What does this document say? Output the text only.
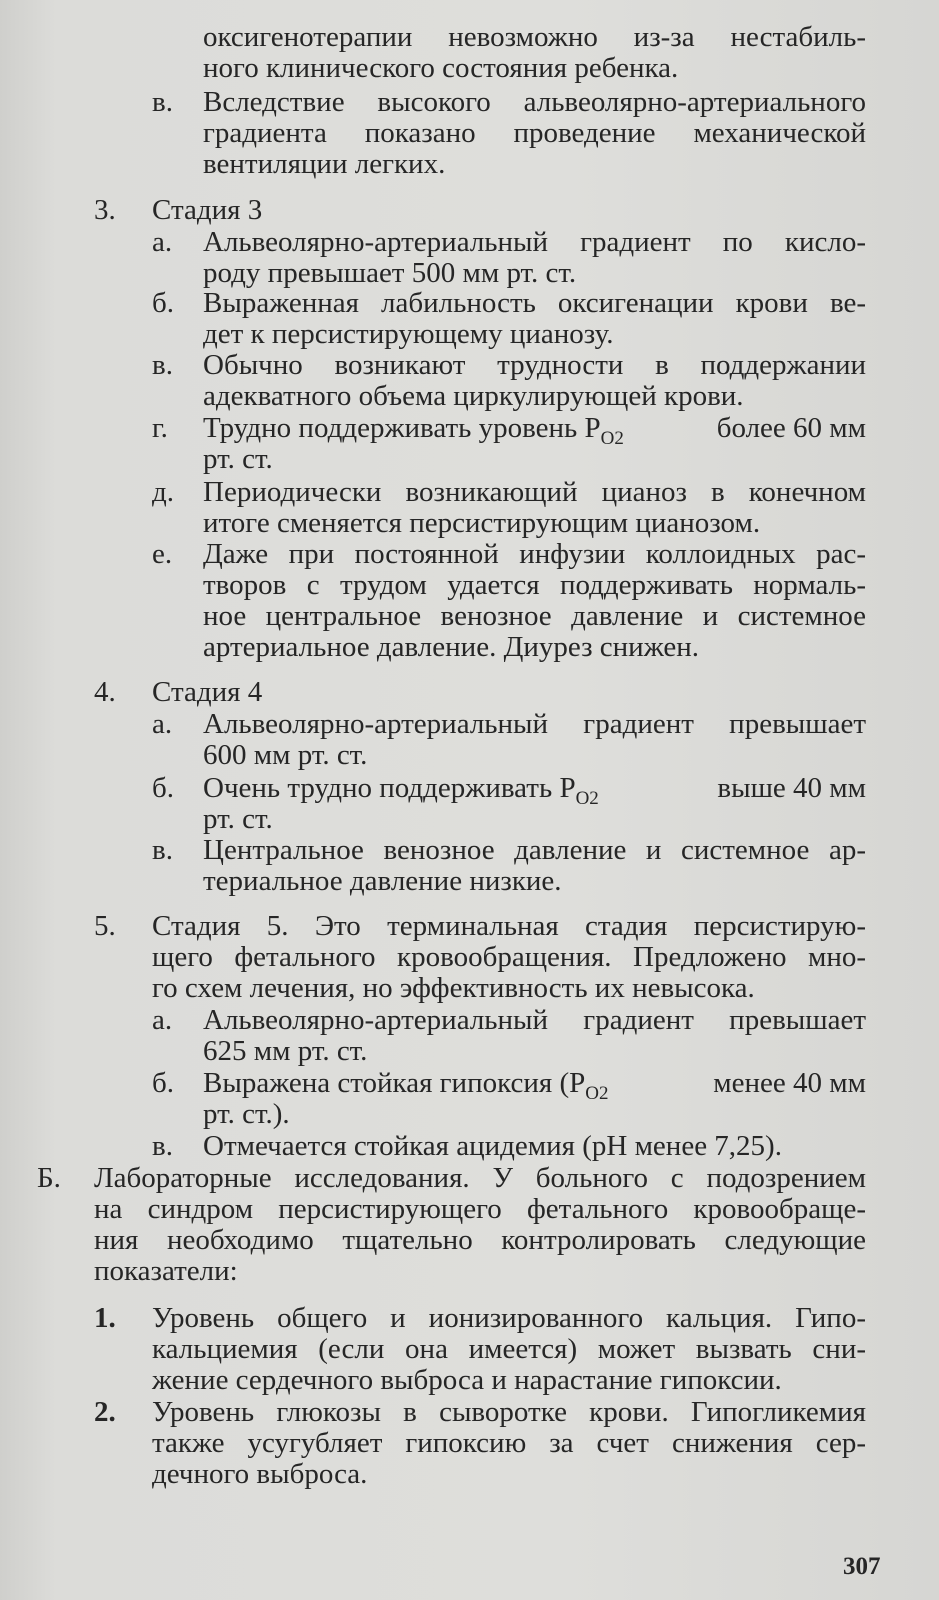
оксигенотерапии невозможно из-за нестабиль-
ного клинического состояния ребенка.
в. Вследствие высокого альвеолярно-артериального
градиента показано проведение механической
вентиляции легких.
3. Стадия 3
а. Альвеолярно-артериальный градиент по кисло-
роду превышает 500 мм рт. ст.
б. Выраженная лабильность оксигенации крови ве-
дет к персистирующему цианозу.
в. Обычно возникают трудности в поддержании
адекватного объема циркулирующей крови.
г. Трудно поддерживать уровень $P_{O2}$	более 60 мм
рт. ст.
д. Периодически возникающий цианоз в конечном
итоге сменяется персистирующим цианозом.
е. Даже при постоянной инфузии коллоидных рас-
творов с трудом удается поддерживать нормаль-
ное центральное венозное давление и системное
артериальное давление. Диурез снижен.
4. Стадия 4
а. Альвеолярно-артериальный градиент превышает
600 мм рт. ст.
б. Очень трудно поддерживать $P_{O2}$	выше 40 мм
рт. ст.
в. Центральное венозное давление и системное ар-
териальное давление низкие.
5. Стадия 5. Это терминальная стадия персистирую-
щего фетального кровообращения. Предложено мно-
го схем лечения, но эффективность их невысока.
а. Альвеолярно-артериальный градиент превышает
625 мм рт. ст.
б. Выражена стойкая гипоксия ($P_{O2}$	менее 40 мм
рт. ст.).
в. Отмечается стойкая ацидемия (pH менее 7,25).
Б. Лабораторные исследования. У больного с подозрением
на синдром персистирующего фетального кровообраще-
ния необходимо тщательно контролировать следующие
показатели:
1. Уровень общего и ионизированного кальция. Гипо-
кальциемия (если она имеется) может вызвать сни-
жение сердечного выброса и нарастание гипоксии.
2. Уровень глюкозы в сыворотке крови. Гипогликемия
также усугубляет гипоксию за счет снижения сер-
дечного выброса.
307
